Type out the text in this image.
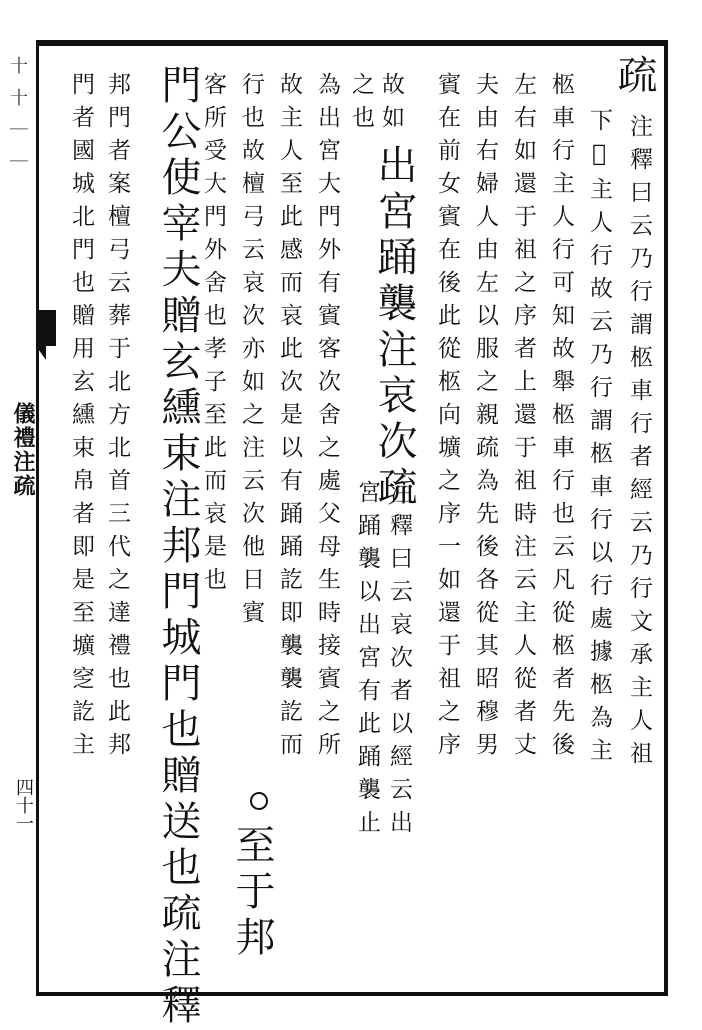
疏
注釋曰云乃行謂柩車行者經云乃行文承主人祖
下𦆵主人行故云乃行謂柩車行以行處據柩為主
柩車行主人行可知故舉柩車行也云凡從柩者先後
左右如還于祖之序者上還于祖時注云主人從者丈
夫由右婦人由左以服之親疏為先後各從其昭穆男
賓在前女賓在後此從柩向壙之序一如還于祖之序
故如
之也
出宮踊襲注哀次疏
注釋曰云哀次者以經云出
宮踊襲以出宮有此踊襲止
為出宮大門外有賓客次舍之處父母生時接賓之所
故主人至此感而哀此次是以有踊踊訖即襲襲訖而
行也故檀弓云哀次亦如之注云次他日賓
至于邦
客所受大門外舍也孝子至此而哀是也
門公使宰夫贈玄纁束注邦門城門也贈送也疏注釋
邦門者案檀弓云葬于北方北首三代之達禮也此邦
門者國城北門也贈用玄纁束帛者即是至壙窆訖主
十十｜｜
儀禮注疏
四十一
